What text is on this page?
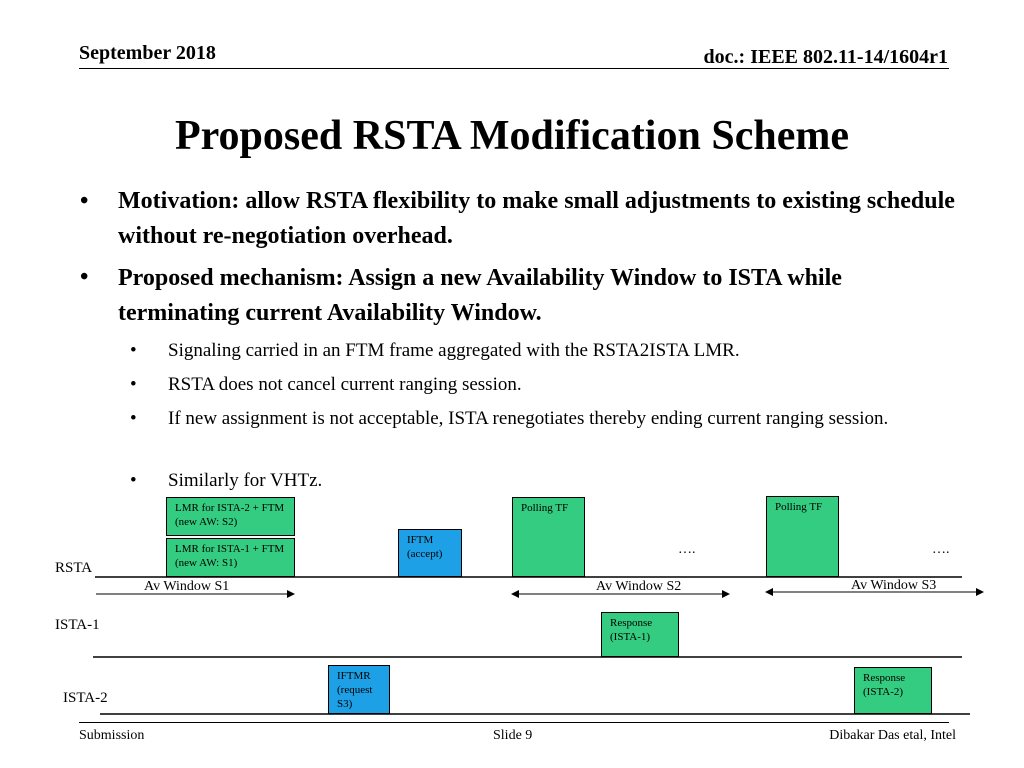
September 2018	doc.: IEEE 802.11-14/1604r1
Proposed RSTA Modification Scheme
• Motivation: allow RSTA flexibility to make small adjustments to existing schedule without re-negotiation overhead.
• Proposed mechanism: Assign a new Availability Window to ISTA while terminating current Availability Window.
• Signaling carried in an FTM frame aggregated with the RSTA2ISTA LMR.
• RSTA does not cancel current ranging session.
• If new assignment is not acceptable, ISTA renegotiates thereby ending current ranging session.
• Similarly for VHTz.
RSTA
ISTA-1
ISTA-2
LMR for ISTA-2 + FTM (new AW: S2)
LMR for ISTA-1 + FTM (new AW: S1)
IFTM (accept)
Polling TF	Polling TF
Response (ISTA-1)
IFTMR (request S3)
Response (ISTA-2)
….	….
Av Window S1	Av Window S2	Av Window S3
Submission	Slide 9	Dibakar Das etal, Intel
